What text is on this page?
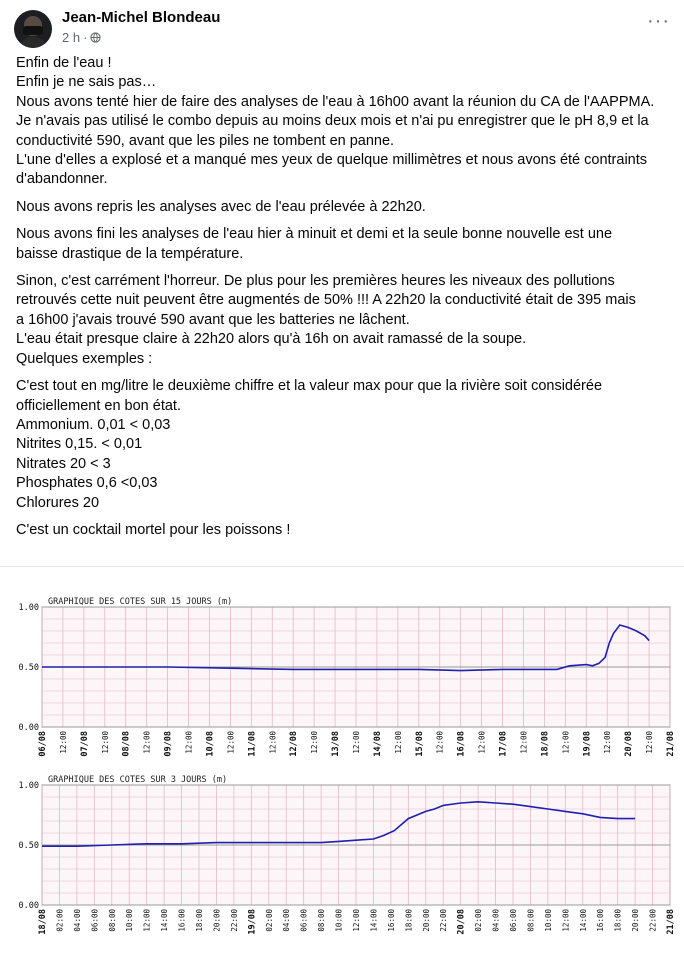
Jean-Michel Blondeau
2 h ·
···

Enfin de l'eau !

Enfin je ne sais pas…

Nous avons tenté hier de faire des analyses de l'eau à 16h00 avant la réunion du CA de l'AAPPMA.

Je n'avais pas utilisé le combo depuis au moins deux mois et n'ai pu enregistrer que le pH 8,9 et la

conductivité 590, avant que les piles ne tombent en panne.

L'une d'elles a explosé et a manqué mes yeux de quelque millimètres et nous avons été contraints

d'abandonner.

Nous avons repris les analyses avec de l'eau prélevée à 22h20.

Nous avons fini les analyses de l'eau hier à minuit et demi et la seule bonne nouvelle est une

baisse drastique de la température.

Sinon, c'est carrément l'horreur. De plus pour les premières heures les niveaux des pollutions

retrouvés cette nuit peuvent être augmentés de 50% !!! A 22h20 la conductivité était de 395 mais

a 16h00 j'avais trouvé 590 avant que les batteries ne lâchent.

L'eau était presque claire à 22h20 alors qu'à 16h on avait ramassé de la soupe.

Quelques exemples :

C'est tout en mg/litre le deuxième chiffre et la valeur max pour que la rivière soit considérée

officiellement en bon état.

Ammonium. 0,01 < 0,03

Nitrites 0,15. < 0,01

Nitrates 20 < 3

Phosphates 0,6 <0,03

Chlorures 20

C'est un cocktail mortel pour les poissons !

GRAPHIQUE DES COTES SUR 15 JOURS (m)
06/08 12:00 07/08 12:00 08/08 12:00 09/08 12:00 10/08 12:00 11/08 12:00 12/08 12:00 13/08 12:00 14/08 12:00 15/08 12:00 16/08 12:00 17/08 12:00 18/08 12:00 19/08 12:00 20/08 12:00 21/08
0.00
0.50
1.00
GRAPHIQUE DES COTES SUR 3 JOURS (m)
18/08 02:00 04:00 06:00 08:00 10:00 12:00 14:00 16:00 18:00 20:00 22:00 19/08 02:00 04:00 06:00 08:00 10:00 12:00 14:00 16:00 18:00 20:00 22:00 20/08 02:00 04:00 06:00 08:00 10:00 12:00 14:00 16:00 18:00 20:00 22:00 21/08
0.00
0.50
1.00
